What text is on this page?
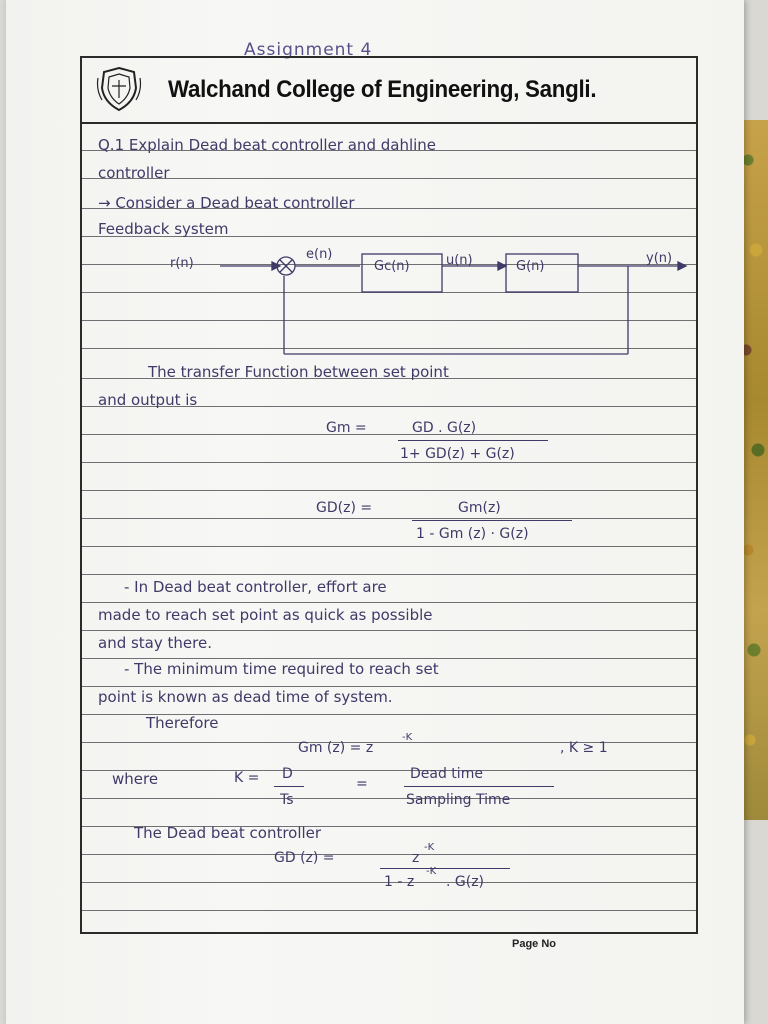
Assignment 4
Walchand College of Engineering, Sangli.
Q.1 Explain Dead beat controller and dahline
controller
→ Consider a Dead beat controller
Feedback system
r(n)
e(n)
Gc(n)	u(n)	G(n)
y(n)
The transfer Function between set point
and output is
Gm =	GD . G(z)
1+ GD(z) + G(z)
GD(z) =	Gm(z)
1 - Gm (z) · G(z)
- In Dead beat controller, effort are
made to reach set point as quick as possible
and stay there.
- The minimum time required to reach set
point is known as dead time of system.
Therefore
Gm (z) = z
-K
, K ≥ 1
where	K = D
Ts
=
Dead time
Sampling Time
The Dead beat controller
GD (z) =	z
-K
1 - z
-K
. G(z)
Page No
